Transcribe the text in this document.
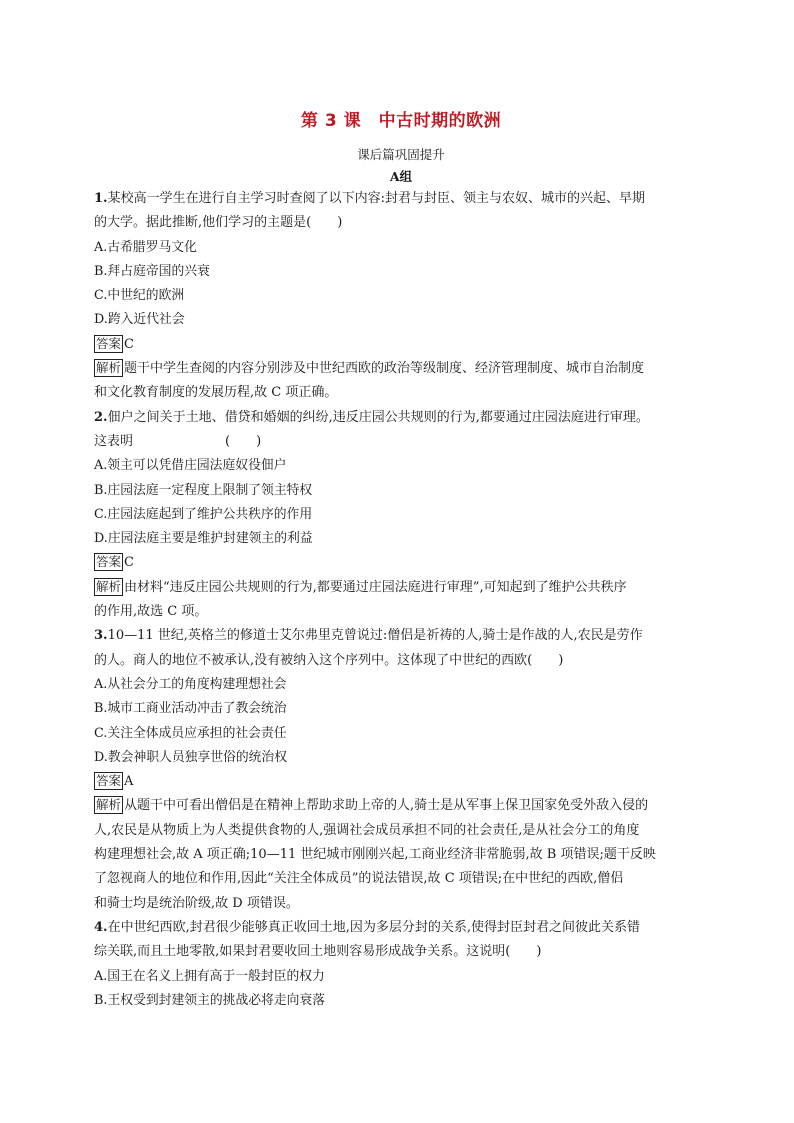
第 3 课　中古时期的欧洲
课后篇巩固提升
A组
1.某校高一学生在进行自主学习时查阅了以下内容:封君与封臣、领主与农奴、城市的兴起、早期
的大学。据此推断,他们学习的主题是(　　)
A.古希腊罗马文化
B.拜占庭帝国的兴衰
C.中世纪的欧洲
D.跨入近代社会
答案 C
解析 题干中学生查阅的内容分别涉及中世纪西欧的政治等级制度、经济管理制度、城市自治制度
和文化教育制度的发展历程,故 C 项正确。
2.佃户之间关于土地、借贷和婚姻的纠纷,违反庄园公共规则的行为,都要通过庄园法庭进行审理。
这表明	(　　)
A.领主可以凭借庄园法庭奴役佃户
B.庄园法庭一定程度上限制了领主特权
C.庄园法庭起到了维护公共秩序的作用
D.庄园法庭主要是维护封建领主的利益
答案 C
解析 由材料“违反庄园公共规则的行为,都要通过庄园法庭进行审理”,可知起到了维护公共秩序
的作用,故选 C 项。
3.10—11 世纪,英格兰的修道士艾尔弗里克曾说过:僧侣是祈祷的人,骑士是作战的人,农民是劳作
的人。商人的地位不被承认,没有被纳入这个序列中。这体现了中世纪的西欧(　　)
A.从社会分工的角度构建理想社会
B.城市工商业活动冲击了教会统治
C.关注全体成员应承担的社会责任
D.教会神职人员独享世俗的统治权
答案 A
解析 从题干中可看出僧侣是在精神上帮助求助上帝的人,骑士是从军事上保卫国家免受外敌入侵的
人,农民是从物质上为人类提供食物的人,强调社会成员承担不同的社会责任,是从社会分工的角度
构建理想社会,故 A 项正确;10—11 世纪城市刚刚兴起,工商业经济非常脆弱,故 B 项错误;题干反映
了忽视商人的地位和作用,因此“关注全体成员”的说法错误,故 C 项错误;在中世纪的西欧,僧侣
和骑士均是统治阶级,故 D 项错误。
4.在中世纪西欧,封君很少能够真正收回土地,因为多层分封的关系,使得封臣封君之间彼此关系错
综关联,而且土地零散,如果封君要收回土地则容易形成战争关系。这说明(　　)
A.国王在名义上拥有高于一般封臣的权力
B.王权受到封建领主的挑战必将走向衰落
